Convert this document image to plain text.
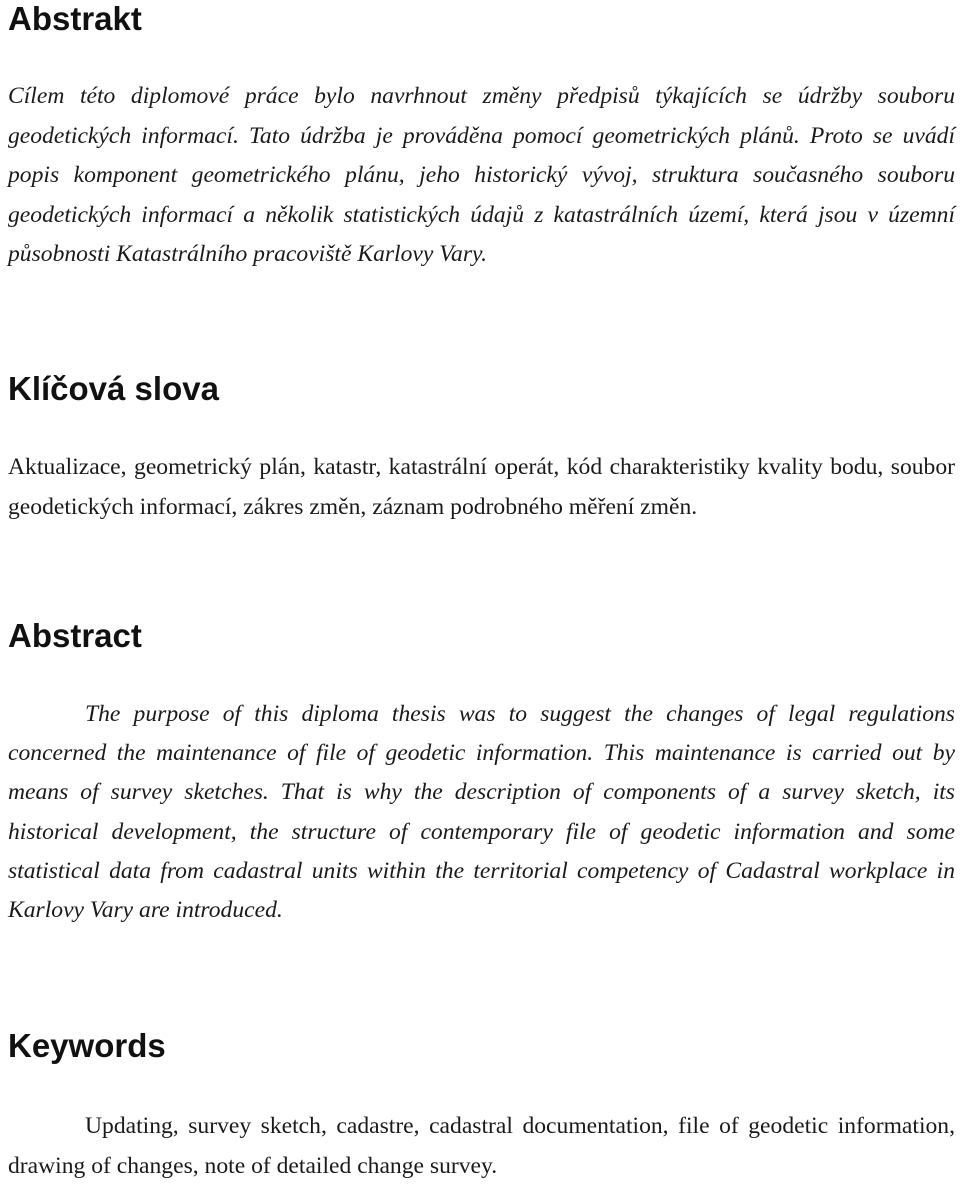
Abstrakt

Cílem této diplomové práce bylo navrhnout změny předpisů týkajících se údržby souboru geodetických informací. Tato údržba je prováděna pomocí geometrických plánů. Proto se uvádí popis komponent geometrického plánu, jeho historický vývoj, struktura současného souboru geodetických informací a několik statistických údajů z katastrálních území, která jsou v územní působnosti Katastrálního pracoviště Karlovy Vary.

Klíčová slova

Aktualizace, geometrický plán, katastr, katastrální operát, kód charakteristiky kvality bodu, soubor geodetických informací, zákres změn, záznam podrobného měření změn.

Abstract

The purpose of this diploma thesis was to suggest the changes of legal regulations concerned the maintenance of file of geodetic information. This maintenance is carried out by means of survey sketches. That is why the description of components of a survey sketch, its historical development, the structure of contemporary file of geodetic information and some statistical data from cadastral units within the territorial competency of Cadastral workplace in Karlovy Vary are introduced.

Keywords

Updating, survey sketch, cadastre, cadastral documentation, file of geodetic information, drawing of changes, note of detailed change survey.
